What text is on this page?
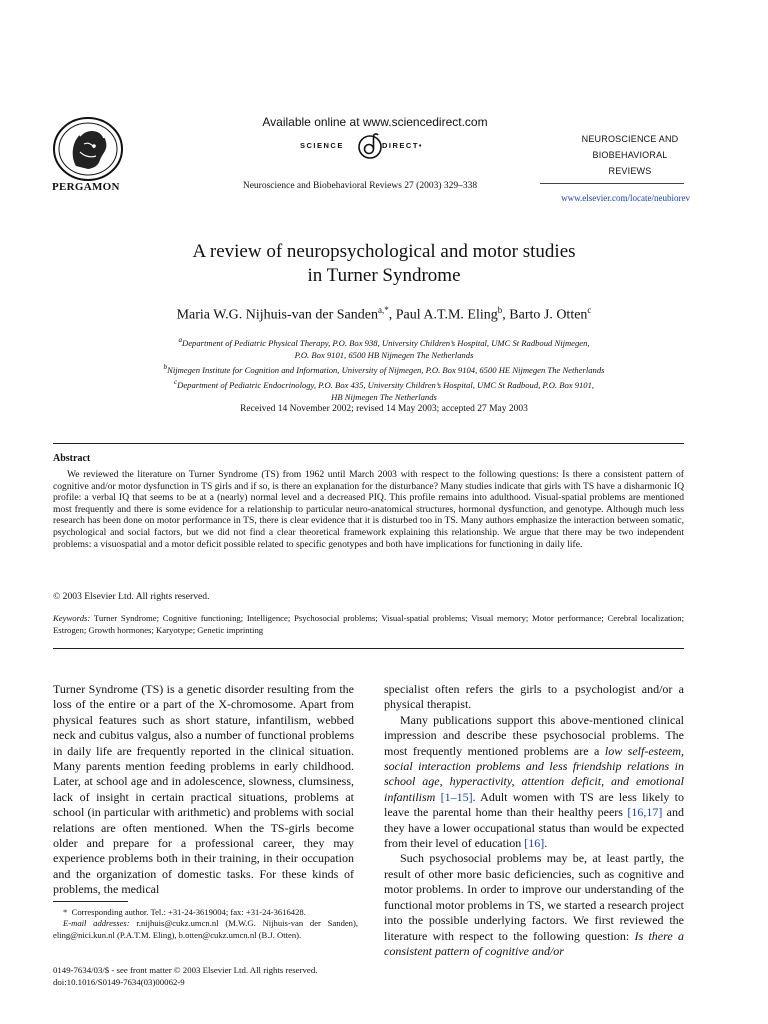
PERGAMON
Available online at www.sciencedirect.com
SCIENCE	DIRECT•
Neuroscience and Biobehavioral Reviews 27 (2003) 329–338
NEUROSCIENCE AND
BIOBEHAVIORAL
REVIEWS
www.elsevier.com/locate/neubiorev
A review of neuropsychological and motor studies
in Turner Syndrome
Maria W.G. Nijhuis-van der Sanden$^{a,*}$, Paul A.T.M. Eling$^b$, Barto J. Otten$^c$
$^a$Department of Pediatric Physical Therapy, P.O. Box 938, University Children’s Hospital, UMC St Radboud Nijmegen,
P.O. Box 9101, 6500 HB Nijmegen The Netherlands
$^b$Nijmegen Institute for Cognition and Information, University of Nijmegen, P.O. Box 9104, 6500 HE Nijmegen The Netherlands
$^c$Department of Pediatric Endocrinology, P.O. Box 435, University Children’s Hospital, UMC St Radboud, P.O. Box 9101,
HB Nijmegen The Netherlands
Received 14 November 2002; revised 14 May 2003; accepted 27 May 2003
Abstract
We reviewed the literature on Turner Syndrome (TS) from 1962 until March 2003 with respect to the following questions: Is there a consistent pattern of cognitive and/or motor dysfunction in TS girls and if so, is there an explanation for the disturbance? Many studies indicate that girls with TS have a disharmonic IQ profile: a verbal IQ that seems to be at a (nearly) normal level and a decreased PIQ. This profile remains into adulthood. Visual-spatial problems are mentioned most frequently and there is some evidence for a relationship to particular neuro-anatomical structures, hormonal dysfunction, and genotype. Although much less research has been done on motor performance in TS, there is clear evidence that it is disturbed too in TS. Many authors emphasize the interaction between somatic, psychological and social factors, but we did not find a clear theoretical framework explaining this relationship. We argue that there may be two independent problems: a visuospatial and a motor deficit possible related to specific genotypes and both have implications for functioning in daily life.
© 2003 Elsevier Ltd. All rights reserved.
Keywords: Turner Syndrome; Cognitive functioning; Intelligence; Psychosocial problems; Visual-spatial problems; Visual memory; Motor performance; Cerebral localization; Estrogen; Growth hormones; Karyotype; Genetic imprinting

Turner Syndrome (TS) is a genetic disorder resulting from the loss of the entire or a part of the X-chromosome. Apart from physical features such as short stature, infantilism, webbed neck and cubitus valgus, also a number of functional problems in daily life are frequently reported in the clinical situation. Many parents mention feeding problems in early childhood. Later, at school age and in adolescence, slowness, clumsiness, lack of insight in certain practical situations, problems at school (in particular with arithmetic) and problems with social relations are often mentioned. When the TS-girls become older and prepare for a professional career, they may experience problems both in their training, in their occupation and the organization of domestic tasks. For these kinds of problems, the medical

specialist often refers the girls to a psychologist and/or a physical therapist.

Many publications support this above-mentioned clinical impression and describe these psychosocial problems. The most frequently mentioned problems are a low self-esteem, social interaction problems and less friendship relations in school age, hyperactivity, attention deficit, and emotional infantilism [1–15]. Adult women with TS are less likely to leave the parental home than their healthy peers [16,17] and they have a lower occupational status than would be expected from their level of education [16].

Such psychosocial problems may be, at least partly, the result of other more basic deficiencies, such as cognitive and motor problems. In order to improve our understanding of the functional motor problems in TS, we started a research project into the possible underlying factors. We first reviewed the literature with respect to the following question: Is there a consistent pattern of cognitive and/or

* Corresponding author. Tel.: +31-24-3619004; fax: +31-24-3616428.
E-mail addresses: r.nijhuis@cukz.umcn.nl (M.W.G. Nijhuis-van der Sanden), eling@nici.kun.nl (P.A.T.M. Eling), b.otten@cukz.umcn.nl (B.J. Otten).
0149-7634/03/$ - see front matter © 2003 Elsevier Ltd. All rights reserved.
doi:10.1016/S0149-7634(03)00062-9
